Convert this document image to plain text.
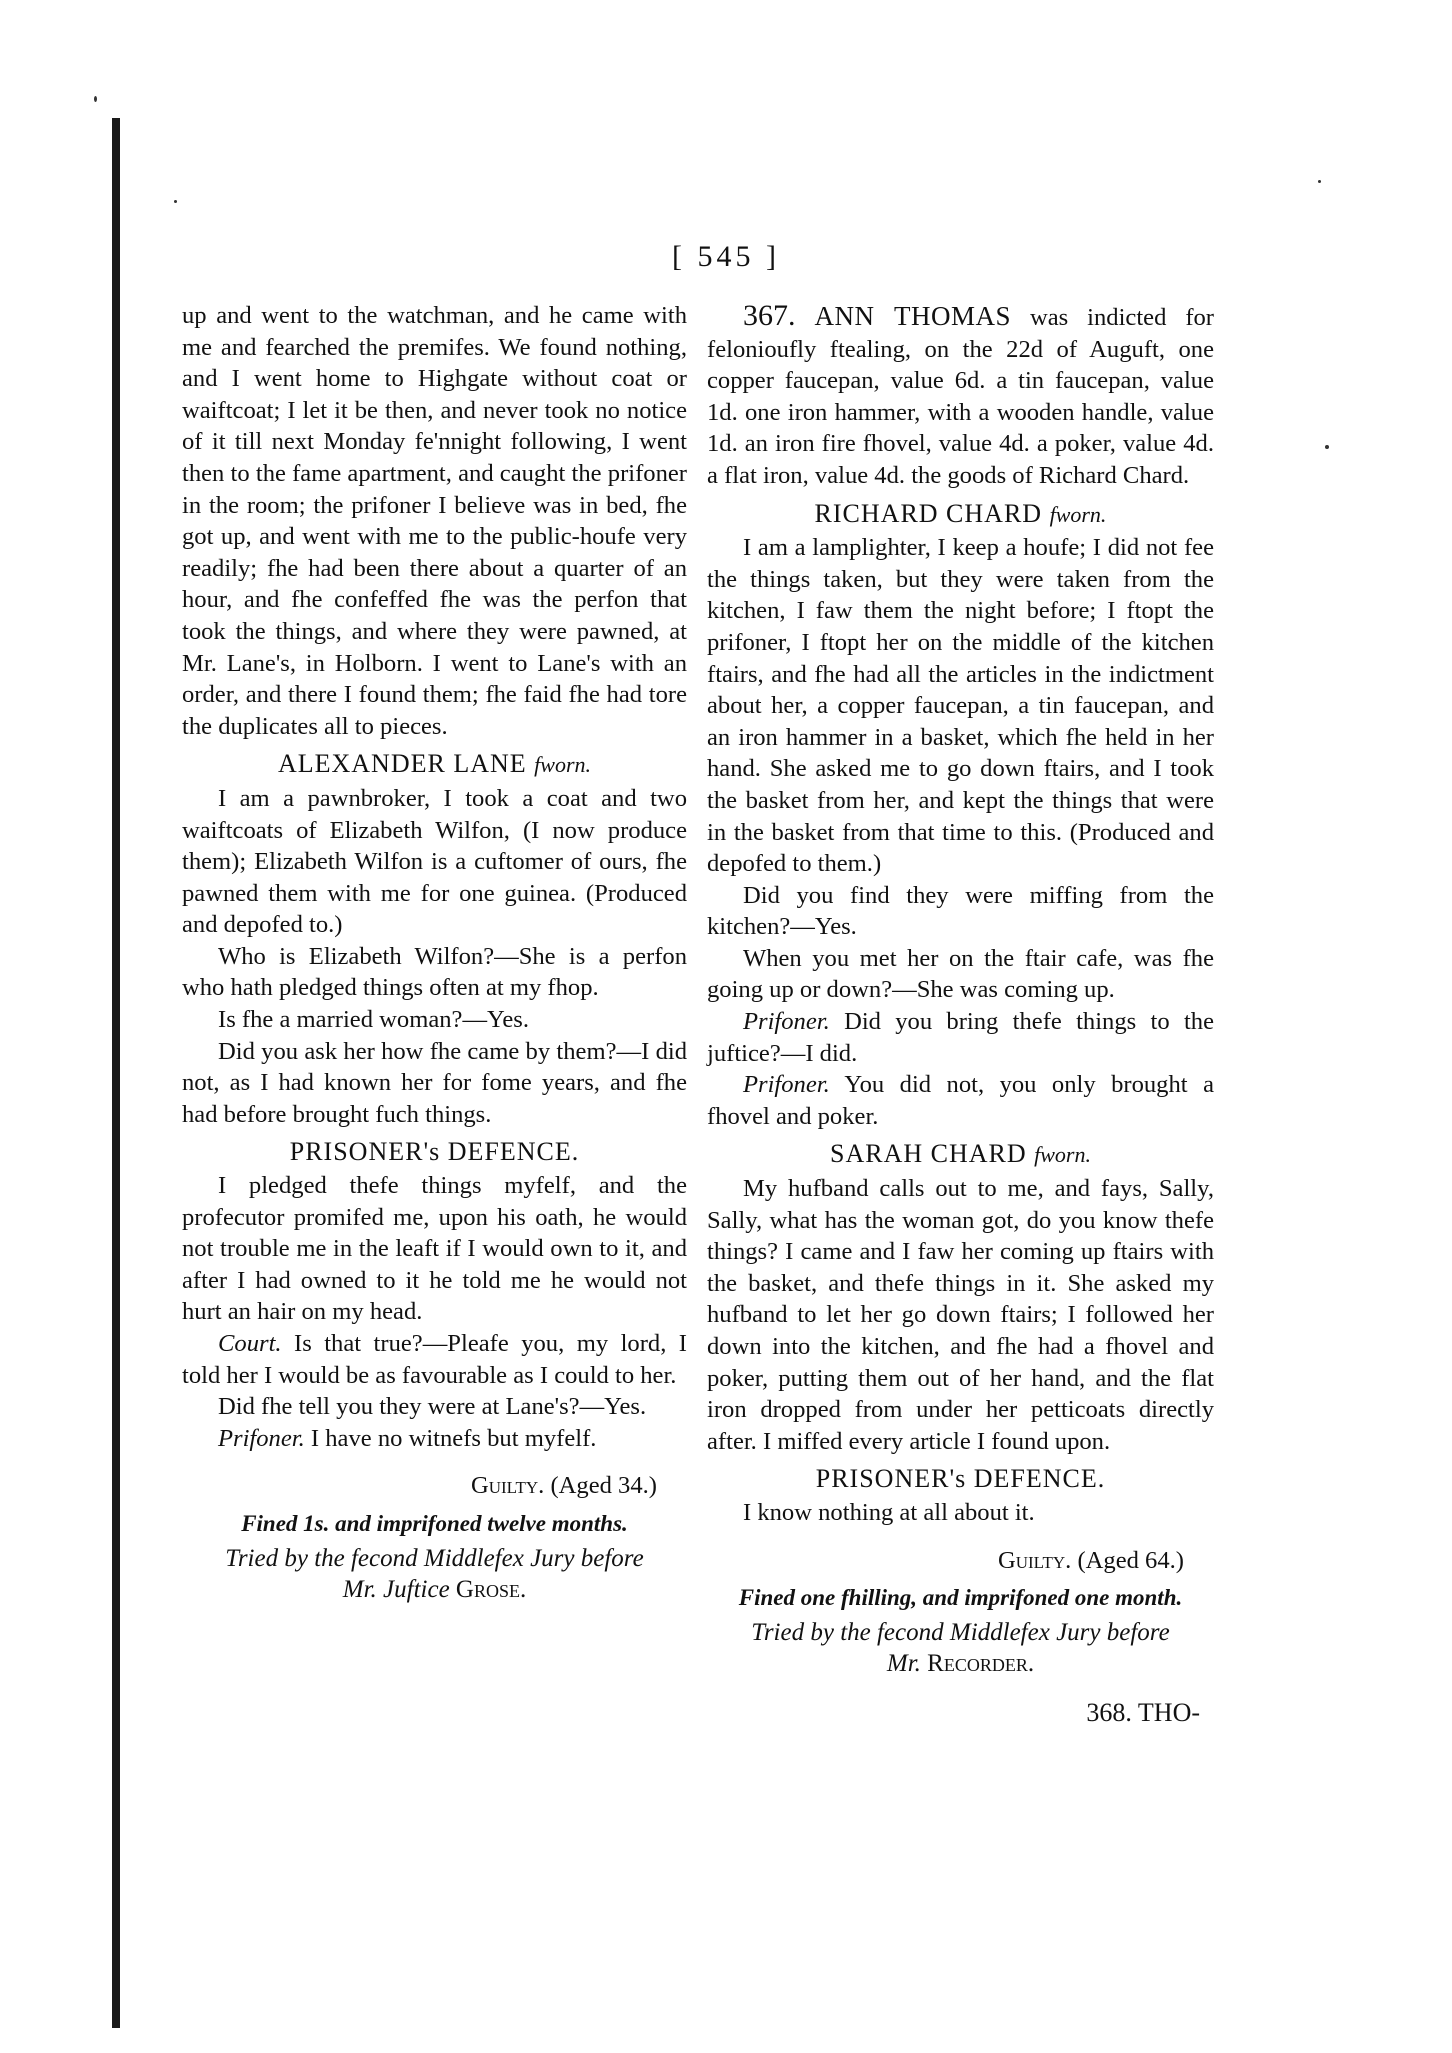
[ 545 ]

up and went to the watchman, and he came with me and fearched the premifes. We found nothing, and I went home to Highgate without coat or waiftcoat; I let it be then, and never took no notice of it till next Monday fe'nnight following, I went then to the fame apartment, and caught the prifoner in the room; the prifoner I believe was in bed, fhe got up, and went with me to the public-houfe very readily; fhe had been there about a quarter of an hour, and fhe confeffed fhe was the perfon that took the things, and where they were pawned, at Mr. Lane's, in Holborn. I went to Lane's with an order, and there I found them; fhe faid fhe had tore the duplicates all to pieces.

ALEXANDER LANE fworn.

I am a pawnbroker, I took a coat and two waiftcoats of Elizabeth Wilfon, (I now produce them); Elizabeth Wilfon is a cuftomer of ours, fhe pawned them with me for one guinea. (Produced and depofed to.)

Who is Elizabeth Wilfon?—She is a perfon who hath pledged things often at my fhop.

Is fhe a married woman?—Yes.

Did you ask her how fhe came by them?—I did not, as I had known her for fome years, and fhe had before brought fuch things.

PRISONER's DEFENCE.

I pledged thefe things myfelf, and the profecutor promifed me, upon his oath, he would not trouble me in the leaft if I would own to it, and after I had owned to it he told me he would not hurt an hair on my head.

Court. Is that true?—Pleafe you, my lord, I told her I would be as favourable as I could to her.

Did fhe tell you they were at Lane's?—Yes.

Prifoner. I have no witnefs but myfelf.

Guilty. (Aged 34.)
Fined 1s. and imprifoned twelve months.
Tried by the fecond Middlefex Jury before
Mr. Juftice Grose.

367. ANN THOMAS was indicted for felonioufly ftealing, on the 22d of Auguft, one copper faucepan, value 6d. a tin faucepan, value 1d. one iron hammer, with a wooden handle, value 1d. an iron fire fhovel, value 4d. a poker, value 4d. a flat iron, value 4d. the goods of Richard Chard.

RICHARD CHARD fworn.

I am a lamplighter, I keep a houfe; I did not fee the things taken, but they were taken from the kitchen, I faw them the night before; I ftopt the prifoner, I ftopt her on the middle of the kitchen ftairs, and fhe had all the articles in the indictment about her, a copper faucepan, a tin faucepan, and an iron hammer in a basket, which fhe held in her hand. She asked me to go down ftairs, and I took the basket from her, and kept the things that were in the basket from that time to this. (Produced and depofed to them.)

Did you find they were miffing from the kitchen?—Yes.

When you met her on the ftair cafe, was fhe going up or down?—She was coming up.

Prifoner. Did you bring thefe things to the juftice?—I did.

Prifoner. You did not, you only brought a fhovel and poker.

SARAH CHARD fworn.

My hufband calls out to me, and fays, Sally, Sally, what has the woman got, do you know thefe things? I came and I faw her coming up ftairs with the basket, and thefe things in it. She asked my hufband to let her go down ftairs; I followed her down into the kitchen, and fhe had a fhovel and poker, putting them out of her hand, and the flat iron dropped from under her petticoats directly after. I miffed every article I found upon.

PRISONER's DEFENCE.

I know nothing at all about it.

Guilty. (Aged 64.)
Fined one fhilling, and imprifoned one month.
Tried by the fecond Middlefex Jury before
Mr. Recorder.
368. THO-
